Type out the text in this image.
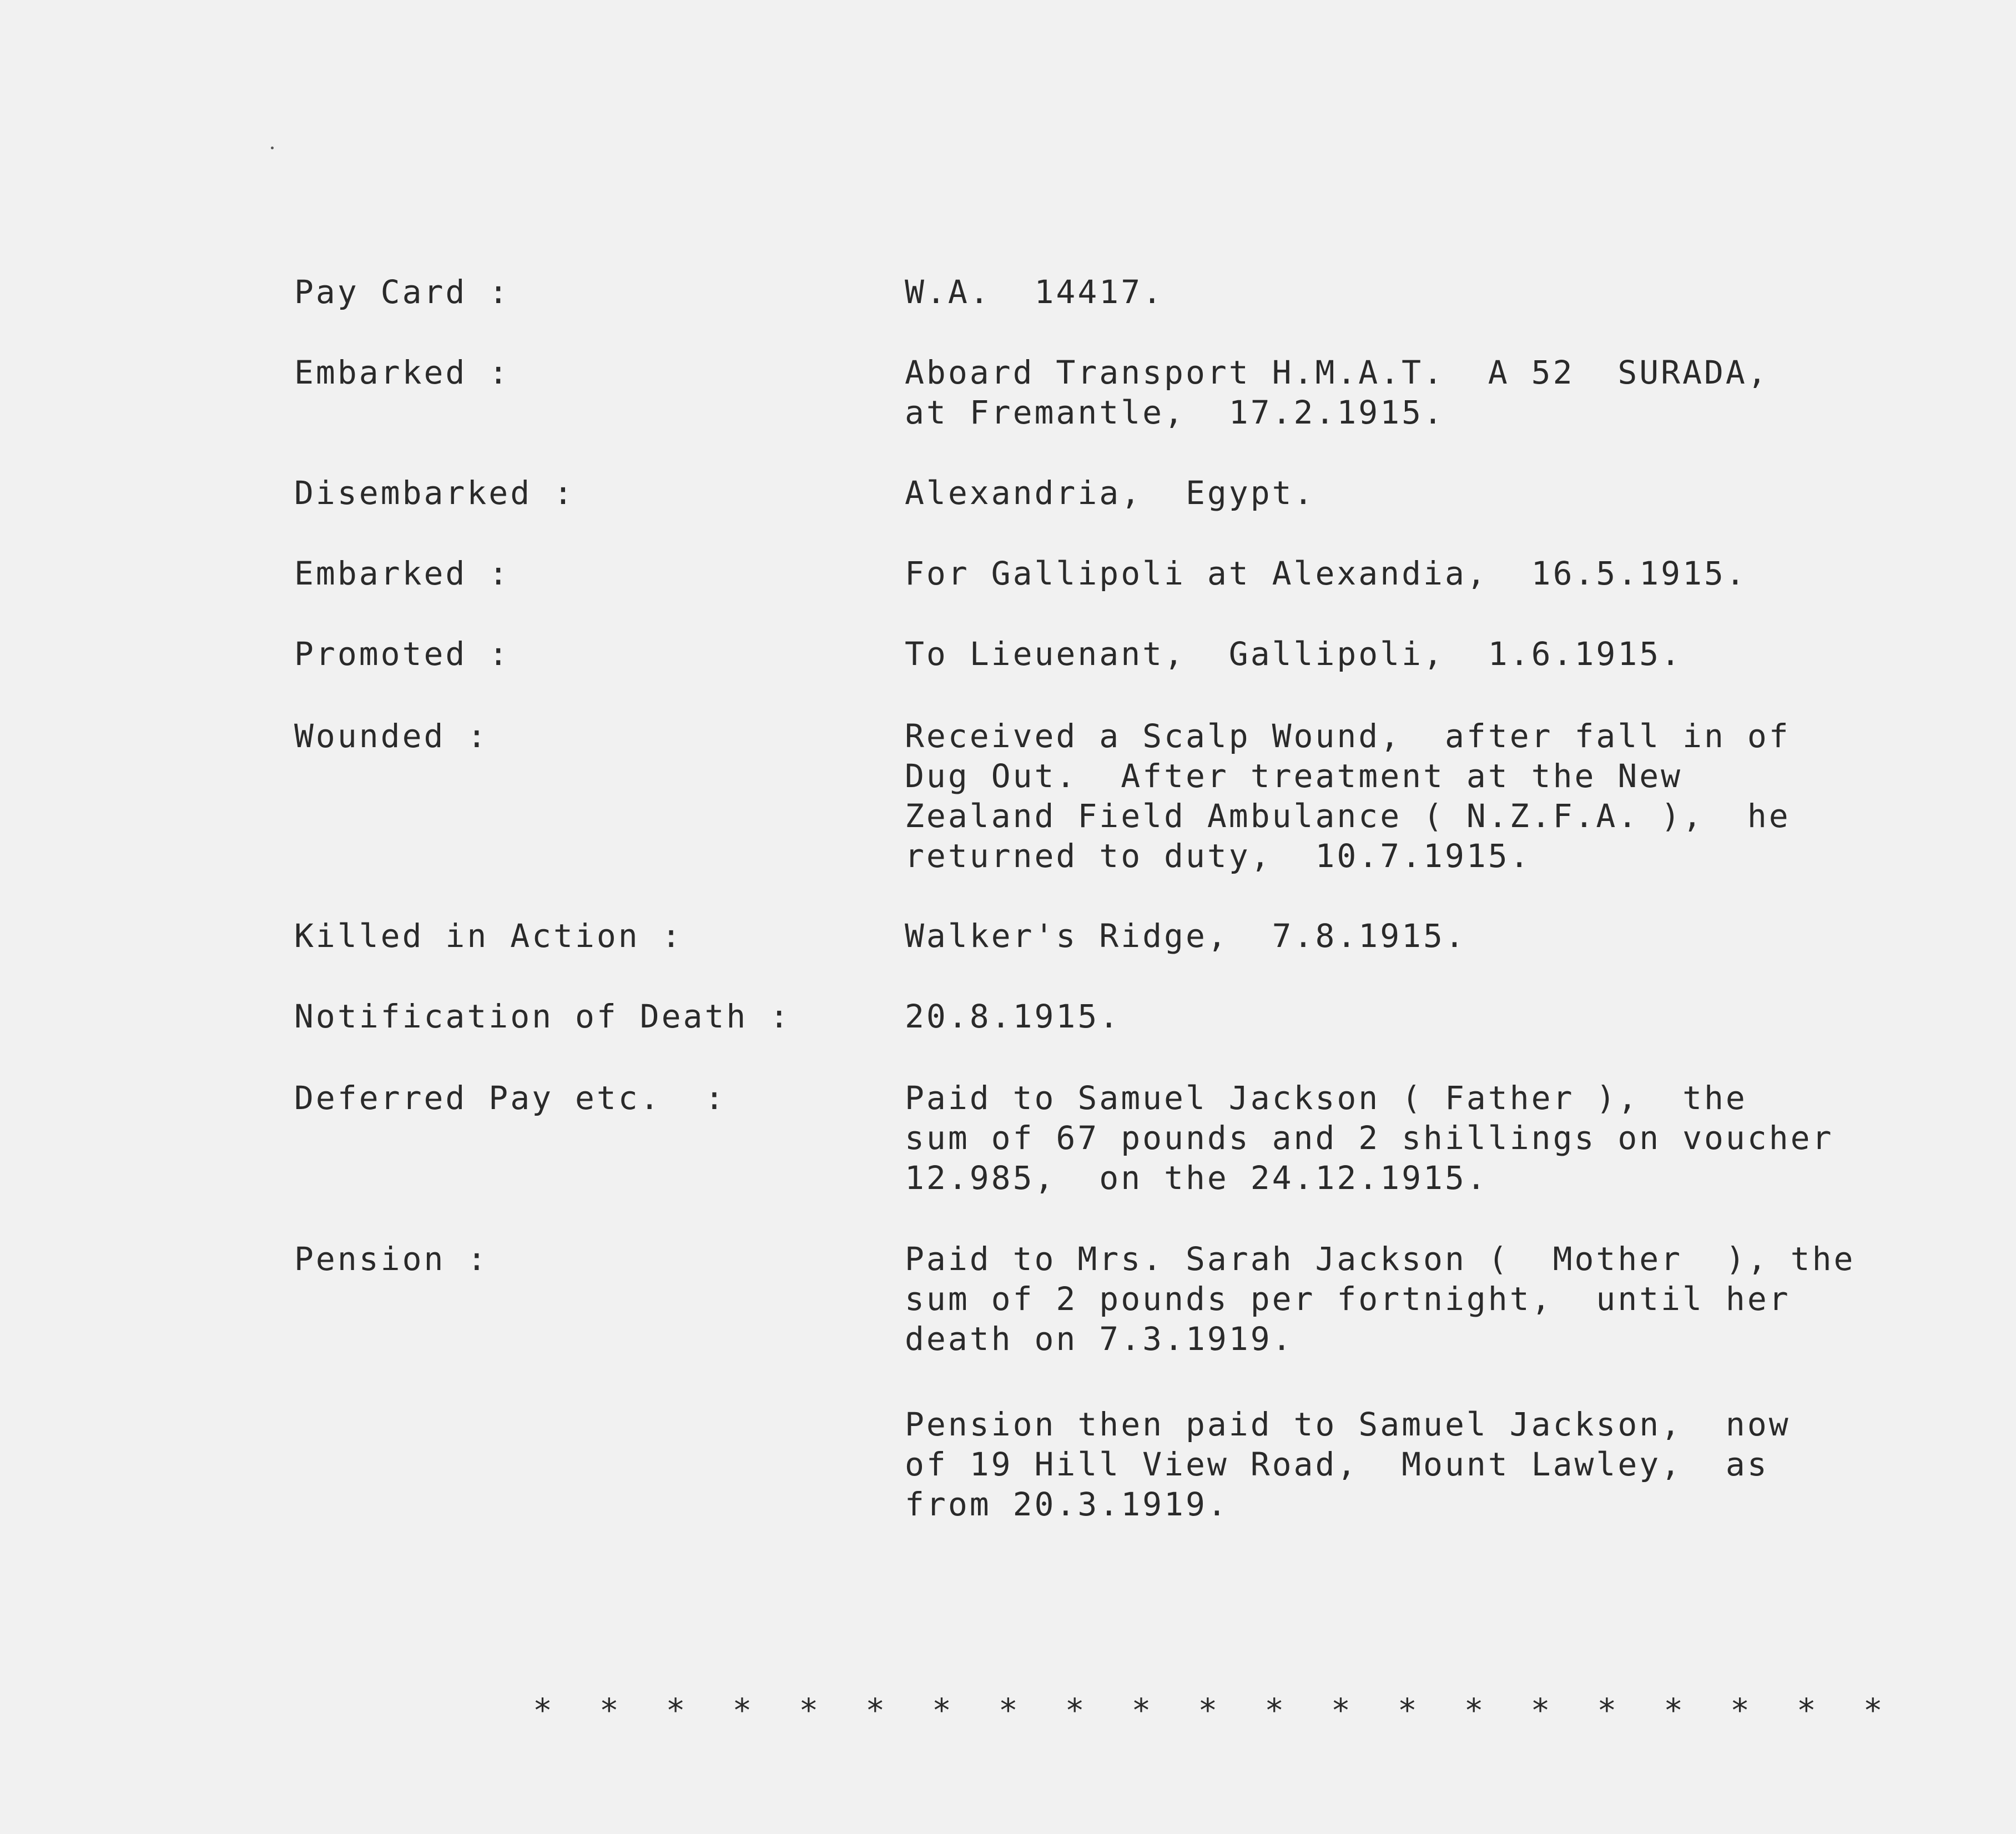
Pay Card :	W.A.  14417.
Embarked :	Aboard Transport H.M.A.T.  A 52  SURADA,
at Fremantle,  17.2.1915.
Disembarked :	Alexandria,  Egypt.
Embarked :	For Gallipoli at Alexandia,  16.5.1915.
Promoted :	To Lieuenant,  Gallipoli,  1.6.1915.
Wounded :	Received a Scalp Wound,  after fall in of
Dug Out.  After treatment at the New
Zealand Field Ambulance ( N.Z.F.A. ),  he
returned to duty,  10.7.1915.
Killed in Action :	Walker's Ridge,  7.8.1915.
Notification of Death :	20.8.1915.
Deferred Pay etc.  :	Paid to Samuel Jackson ( Father ),  the
sum of 67 pounds and 2 shillings on voucher
12.985,  on the 24.12.1915.
Pension :	Paid to Mrs. Sarah Jackson (  Mother  ), the
sum of 2 pounds per fortnight,  until her
death on 7.3.1919.
Pension then paid to Samuel Jackson,  now
of 19 Hill View Road,  Mount Lawley,  as
from 20.3.1919.
* * * * * * * * * * * * * * * * * * * * *
